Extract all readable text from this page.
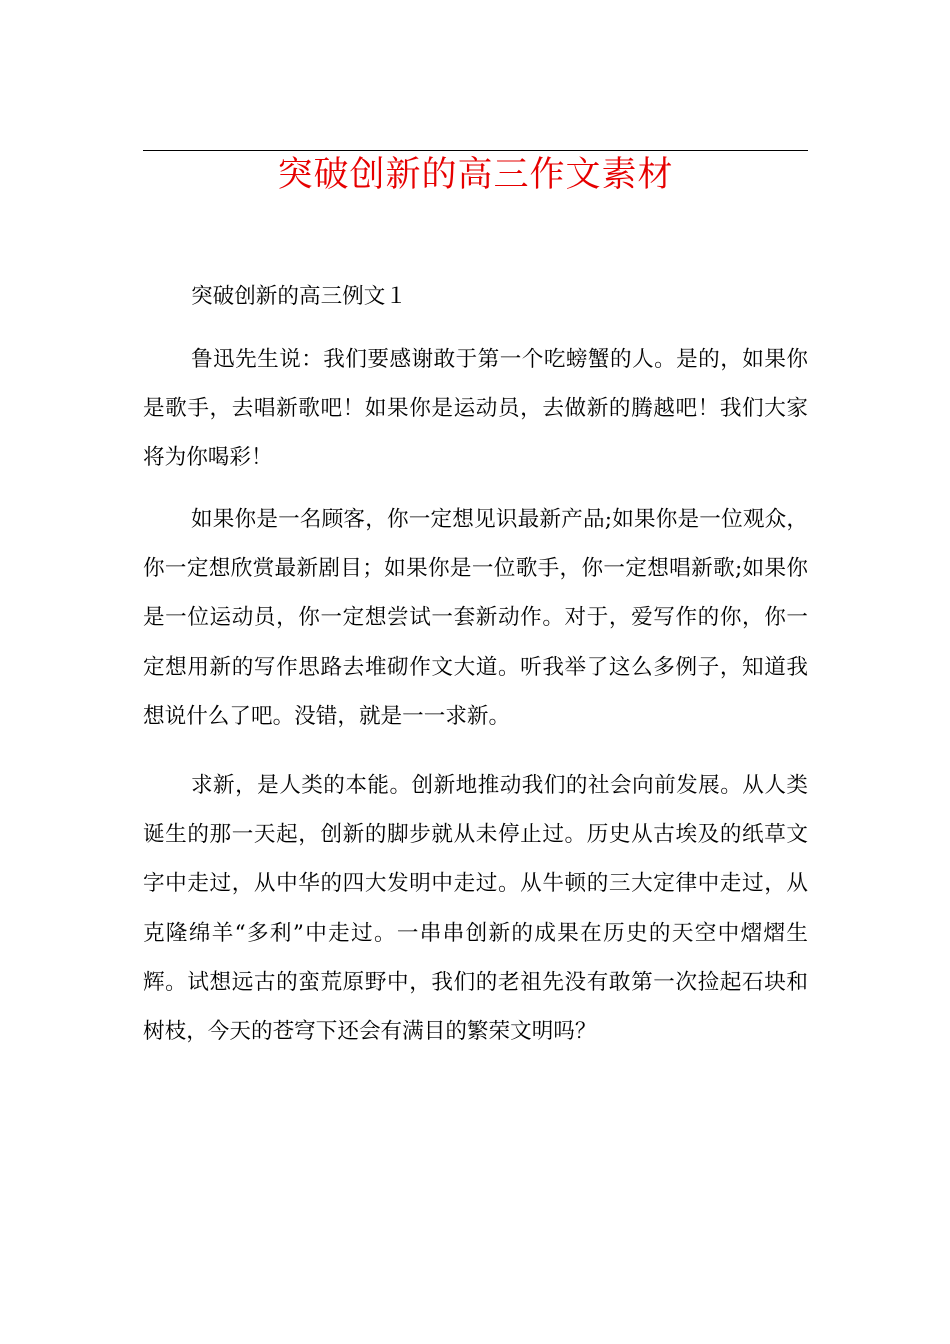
突破创新的高三作文素材
突破创新的高三例文１
鲁迅先生说：我们要感谢敢于第一个吃螃蟹的人。是的，如果你是歌手，去唱新歌吧！如果你是运动员，去做新的腾越吧！我们大家将为你喝彩！
如果你是一名顾客，你一定想见识最新产品;如果你是一位观众，你一定想欣赏最新剧目；如果你是一位歌手，你一定想唱新歌;如果你是一位运动员，你一定想尝试一套新动作。对于，爱写作的你，你一定想用新的写作思路去堆砌作文大道。听我举了这么多例子，知道我想说什么了吧。没错，就是一一求新。
求新，是人类的本能。创新地推动我们的社会向前发展。从人类诞生的那一天起，创新的脚步就从未停止过。历史从古埃及的纸草文字中走过，从中华的四大发明中走过。从牛顿的三大定律中走过，从克隆绵羊“多利”中走过。一串串创新的成果在历史的天空中熠熠生辉。试想远古的蛮荒原野中，我们的老祖先没有敢第一次捡起石块和树枝，今天的苍穹下还会有满目的繁荣文明吗？
